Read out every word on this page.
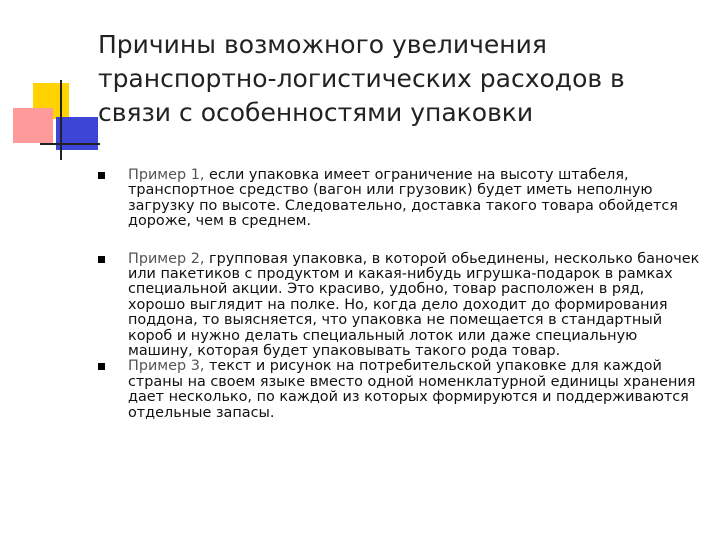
Причины возможного увеличения транспортно-логистических расходов в связи с особенностями упаковки
Пример 1, если упаковка имеет ограничение на высоту штабеля, транспортное средство (вагон или грузовик) будет иметь неполную загрузку по высоте. Следовательно, доставка такого товара обойдется дороже, чем в среднем.
Пример 2, групповая упаковка, в которой обьединены, несколько баночек или пакетиков с продуктом и какая-нибудь игрушка-подарок в рамках специальной акции. Это красиво, удобно, товар расположен в ряд, хорошо выглядит на полке. Но, когда дело доходит до формирования поддона, то выясняется, что упаковка не помещается в стандартный короб и нужно делать специальный лоток или даже специальную машину, которая будет упаковывать такого рода товар.
Пример 3, текст и рисунок на потребительской упаковке для каждой страны на своем языке вместо одной номенклатурной единицы хранения дает несколько, по каждой из которых формируются и поддерживаются отдельные запасы.
